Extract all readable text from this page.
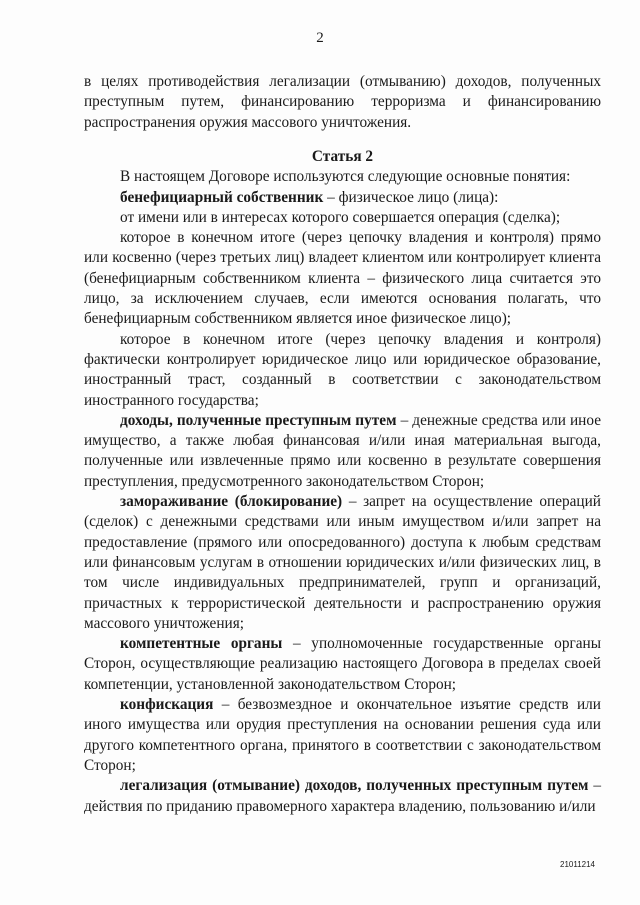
2

в целях противодействия легализации (отмыванию) доходов, полученных преступным путем, финансированию терроризма и финансированию распространения оружия массового уничтожения.

Статья 2

В настоящем Договоре используются следующие основные понятия:

бенефициарный собственник – физическое лицо (лица):

от имени или в интересах которого совершается операция (сделка);

которое в конечном итоге (через цепочку владения и контроля) прямо или косвенно (через третьих лиц) владеет клиентом или контролирует клиента (бенефициарным собственником клиента – физического лица считается это лицо, за исключением случаев, если имеются основания полагать, что бенефициарным собственником является иное физическое лицо);

которое в конечном итоге (через цепочку владения и контроля) фактически контролирует юридическое лицо или юридическое образование, иностранный траст, созданный в соответствии с законодательством иностранного государства;

доходы, полученные преступным путем – денежные средства или иное имущество, а также любая финансовая и/или иная материальная выгода, полученные или извлеченные прямо или косвенно в результате совершения преступления, предусмотренного законодательством Сторон;

замораживание (блокирование) – запрет на осуществление операций (сделок) с денежными средствами или иным имуществом и/или запрет на предоставление (прямого или опосредованного) доступа к любым средствам или финансовым услугам в отношении юридических и/или физических лиц, в том числе индивидуальных предпринимателей, групп и организаций, причастных к террористической деятельности и распространению оружия массового уничтожения;

компетентные органы – уполномоченные государственные органы Сторон, осуществляющие реализацию настоящего Договора в пределах своей компетенции, установленной законодательством Сторон;

конфискация – безвозмездное и окончательное изъятие средств или иного имущества или орудия преступления на основании решения суда или другого компетентного органа, принятого в соответствии с законодательством Сторон;

легализация (отмывание) доходов, полученных преступным путем – действия по приданию правомерного характера владению, пользованию и/или

21011214
